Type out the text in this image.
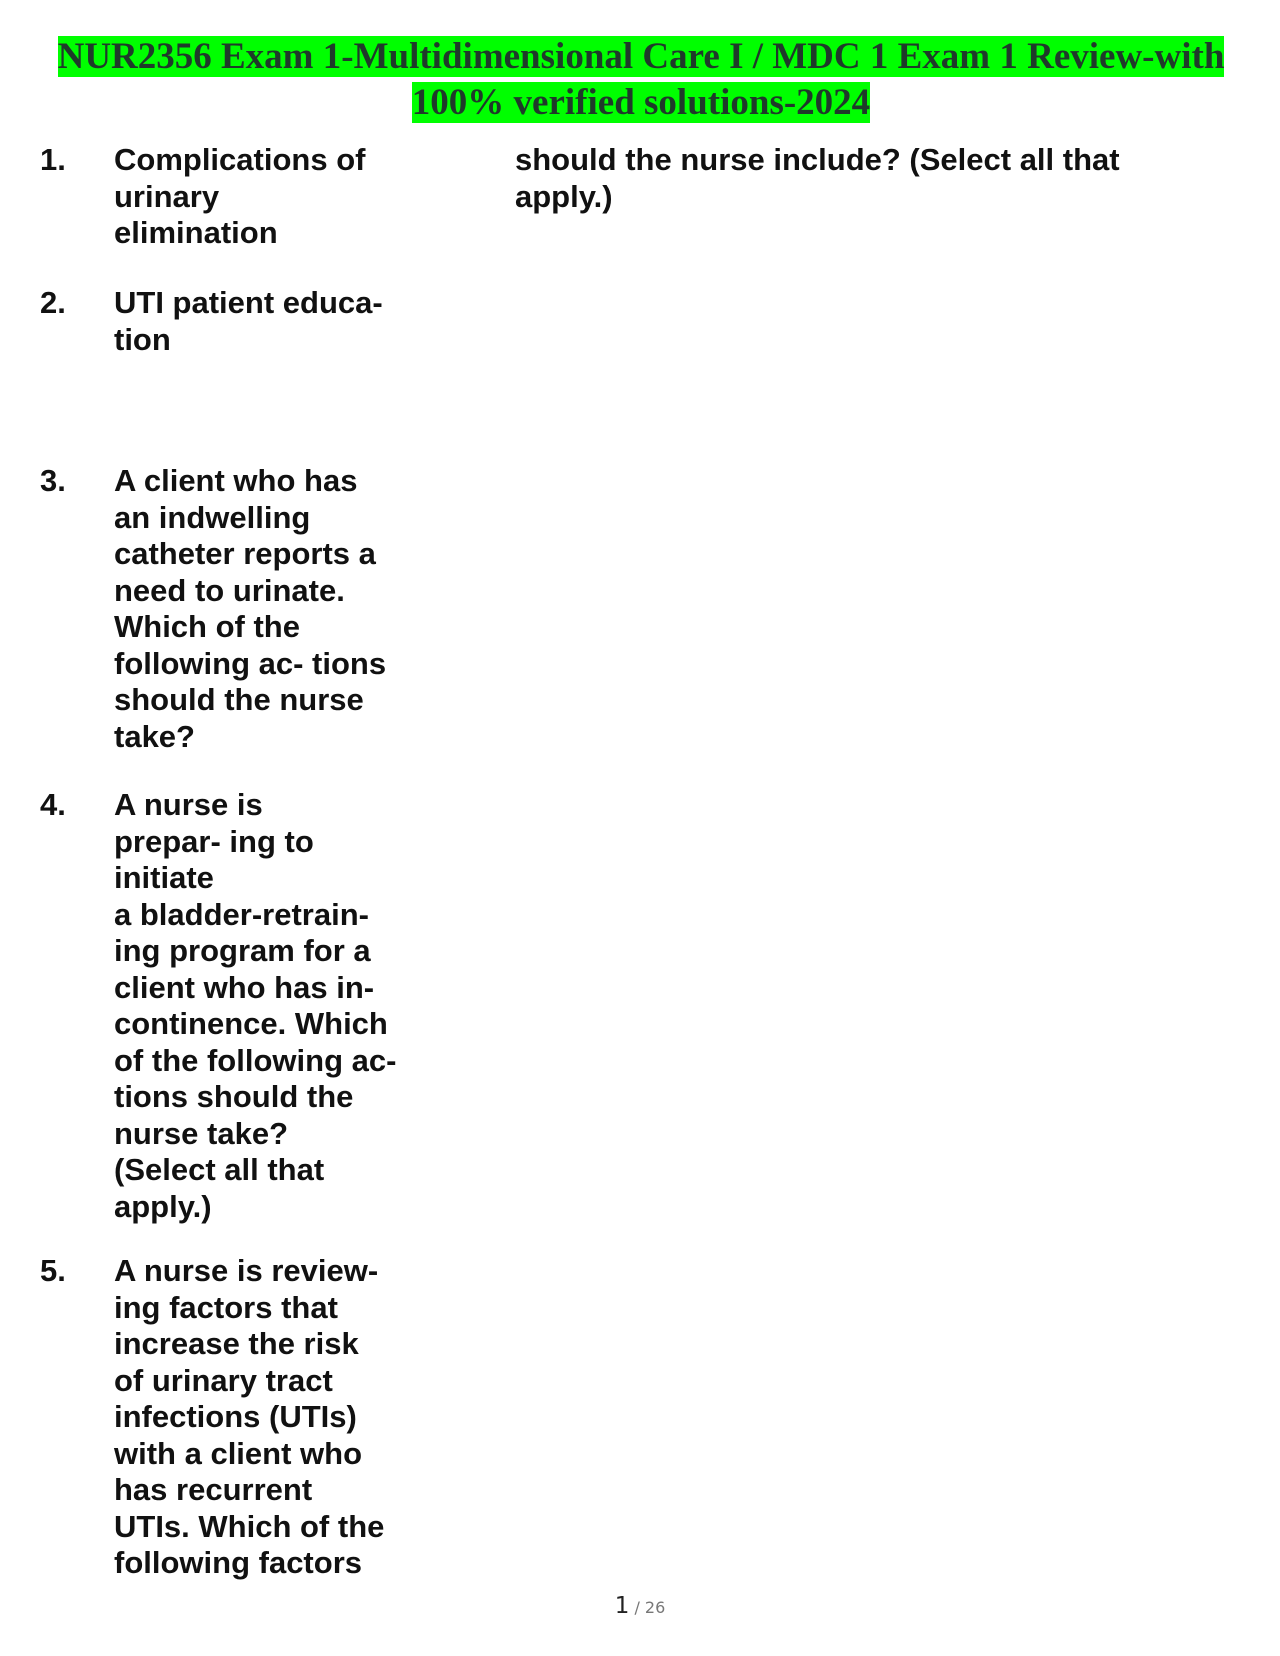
NUR2356 Exam 1-Multidimensional Care I / MDC 1 Exam 1 Review-with
100% verified solutions-2024
1.	Complications of
urinary
elimination
2.	UTI patient educa-
tion
3.	A client who has
an indwelling
catheter reports a
need to urinate.
Which of the
following ac- tions
should the nurse
take?
4.	A nurse is
prepar- ing to
initiate
a bladder-retrain-
ing program for a
client who has in-
continence. Which
of the following ac-
tions should the
nurse take?
(Select all that
apply.)
5.	A nurse is review-
ing factors that
increase the risk
of urinary tract
infections (UTIs)
with a client who
has recurrent
UTIs. Which of the
following factors
should the nurse include? (Select all that
apply.)
1 / 26
